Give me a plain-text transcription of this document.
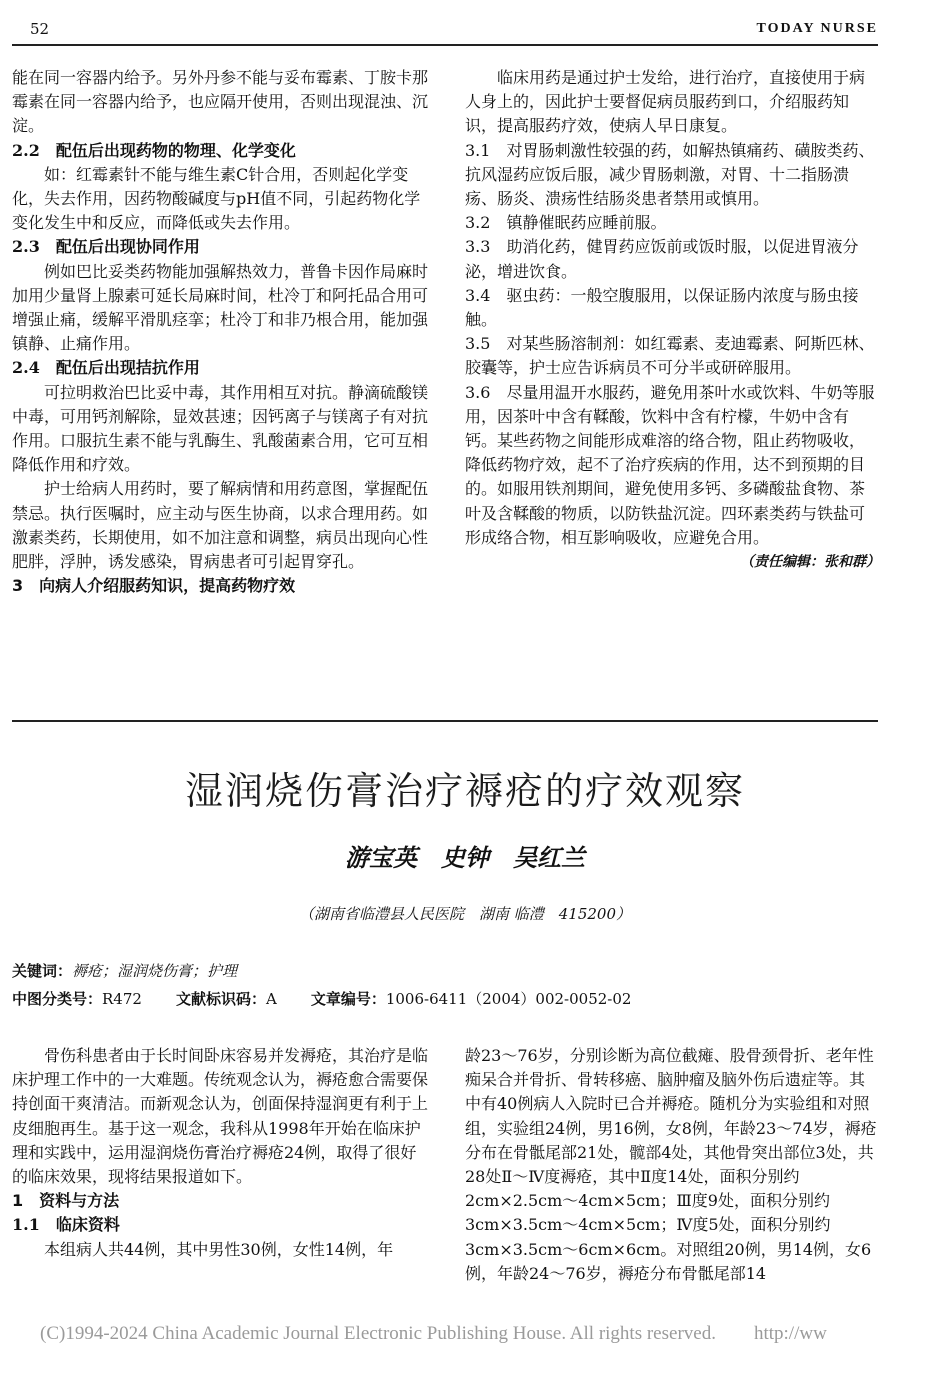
52	TODAY NURSE

能在同一容器内给予。另外丹参不能与妥布霉素、丁胺卡那霉素在同一容器内给予，也应隔开使用，否则出现混浊、沉淀。

2.2　配伍后出现药物的物理、化学变化

如：红霉素针不能与维生素C针合用，否则起化学变化，失去作用，因药物酸碱度与pH值不同，引起药物化学变化发生中和反应，而降低或失去作用。

2.3　配伍后出现协同作用

例如巴比妥类药物能加强解热效力，普鲁卡因作局麻时加用少量肾上腺素可延长局麻时间，杜冷丁和阿托品合用可增强止痛，缓解平滑肌痉挛；杜冷丁和非乃根合用，能加强镇静、止痛作用。

2.4　配伍后出现拮抗作用

可拉明救治巴比妥中毒，其作用相互对抗。静滴硫酸镁中毒，可用钙剂解除，显效甚速；因钙离子与镁离子有对抗作用。口服抗生素不能与乳酶生、乳酸菌素合用，它可互相降低作用和疗效。

护士给病人用药时，要了解病情和用药意图，掌握配伍禁忌。执行医嘱时，应主动与医生协商，以求合理用药。如激素类药，长期使用，如不加注意和调整，病员出现向心性肥胖，浮肿，诱发感染，胃病患者可引起胃穿孔。

3　向病人介绍服药知识，提高药物疗效

临床用药是通过护士发给，进行治疗，直接使用于病人身上的，因此护士要督促病员服药到口，介绍服药知识，提高服药疗效，使病人早日康复。

3.1　对胃肠刺激性较强的药，如解热镇痛药、磺胺类药、抗风湿药应饭后服，减少胃肠刺激，对胃、十二指肠溃疡、肠炎、溃疡性结肠炎患者禁用或慎用。

3.2　镇静催眠药应睡前服。

3.3　助消化药，健胃药应饭前或饭时服，以促进胃液分泌，增进饮食。

3.4　驱虫药：一般空腹服用，以保证肠内浓度与肠虫接触。

3.5　对某些肠溶制剂：如红霉素、麦迪霉素、阿斯匹林、胶囊等，护士应告诉病员不可分半或研碎服用。

3.6　尽量用温开水服药，避免用茶叶水或饮料、牛奶等服用，因茶叶中含有鞣酸，饮料中含有柠檬，牛奶中含有钙。某些药物之间能形成难溶的络合物，阻止药物吸收，降低药物疗效，起不了治疗疾病的作用，达不到预期的目的。如服用铁剂期间，避免使用多钙、多磷酸盐食物、茶叶及含鞣酸的物质，以防铁盐沉淀。四环素类药与铁盐可形成络合物，相互影响吸收，应避免合用。

（责任编辑：张和群）

湿润烧伤膏治疗褥疮的疗效观察
游宝英　史钟　吴红兰
（湖南省临澧县人民医院　湖南 临澧　415200）
关键词：褥疮；湿润烧伤膏；护理
中图分类号：R472 文献标识码：A 文章编号：1006-6411（2004）002-0052-02

骨伤科患者由于长时间卧床容易并发褥疮，其治疗是临床护理工作中的一大难题。传统观念认为，褥疮愈合需要保持创面干爽清洁。而新观念认为，创面保持湿润更有利于上皮细胞再生。基于这一观念，我科从1998年开始在临床护理和实践中，运用湿润烧伤膏治疗褥疮24例，取得了很好的临床效果，现将结果报道如下。

1　资料与方法

1.1　临床资料

本组病人共44例，其中男性30例，女性14例，年

龄23～76岁，分别诊断为高位截瘫、股骨颈骨折、老年性痴呆合并骨折、骨转移癌、脑肿瘤及脑外伤后遗症等。其中有40例病人入院时已合并褥疮。随机分为实验组和对照组，实验组24例，男16例，女8例，年龄23～74岁，褥疮分布在骨骶尾部21处，髋部4处，其他骨突出部位3处，共28处Ⅱ～Ⅳ度褥疮，其中Ⅱ度14处，面积分别约2cm×2.5cm～4cm×5cm；Ⅲ度9处，面积分别约3cm×3.5cm～4cm×5cm；Ⅳ度5处，面积分别约3cm×3.5cm～6cm×6cm。对照组20例，男14例，女6例，年龄24～76岁，褥疮分布骨骶尾部14

(C)1994-2024 China Academic Journal Electronic Publishing House. All rights reserved.　　http://ww
